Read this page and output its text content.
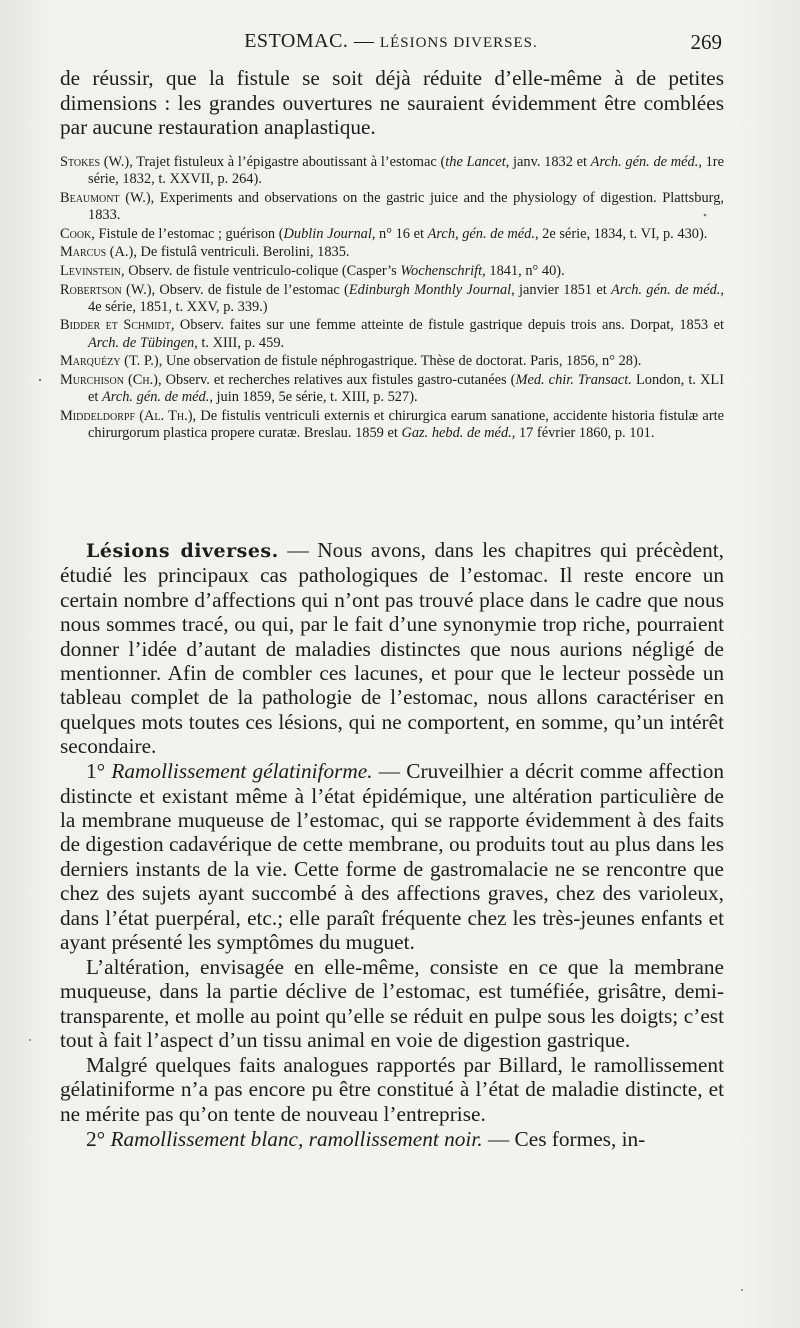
ESTOMAC. — LÉSIONS DIVERSES.	269

de réussir, que la fistule se soit déjà réduite d’elle-même à de petites dimensions : les grandes ouvertures ne sauraient évidemment être comblées par aucune restauration anaplastique.

Stokes (W.), Trajet fistuleux à l’épigastre aboutissant à l’estomac (the Lancet, janv. 1832 et Arch. gén. de méd., 1re série, 1832, t. XXVII, p. 264).

Beaumont (W.), Experiments and observations on the gastric juice and the physiology of digestion. Plattsburg, 1833.

Cook, Fistule de l’estomac ; guérison (Dublin Journal, n° 16 et Arch, gén. de méd., 2e série, 1834, t. VI, p. 430).

Marcus (A.), De fistulâ ventriculi. Berolini, 1835.

Levinstein, Observ. de fistule ventriculo-colique (Casper’s Wochenschrift, 1841, n° 40).

Robertson (W.), Observ. de fistule de l’estomac (Edinburgh Monthly Journal, janvier 1851 et Arch. gén. de méd., 4e série, 1851, t. XXV, p. 339.)

Bidder et Schmidt, Observ. faites sur une femme atteinte de fistule gastrique depuis trois ans. Dorpat, 1853 et Arch. de Tübingen, t. XIII, p. 459.

Marquézy (T. P.), Une observation de fistule néphrogastrique. Thèse de doctorat. Paris, 1856, n° 28).

Murchison (Ch.), Observ. et recherches relatives aux fistules gastro-cutanées (Med. chir. Transact. London, t. XLI et Arch. gén. de méd., juin 1859, 5e série, t. XIII, p. 527).

Middeldorpf (Al. Th.), De fistulis ventriculi externis et chirurgica earum sanatione, accidente historia fistulæ arte chirurgorum plastica propere curatæ. Breslau. 1859 et Gaz. hebd. de méd., 17 février 1860, p. 101.

Lésions diverses. — Nous avons, dans les chapitres qui précèdent, étudié les principaux cas pathologiques de l’estomac. Il reste encore un certain nombre d’affections qui n’ont pas trouvé place dans le cadre que nous nous sommes tracé, ou qui, par le fait d’une synonymie trop riche, pourraient donner l’idée d’autant de maladies distinctes que nous aurions négligé de mentionner. Afin de combler ces lacunes, et pour que le lecteur possède un tableau complet de la pathologie de l’estomac, nous allons caractériser en quelques mots toutes ces lésions, qui ne comportent, en somme, qu’un intérêt secondaire.

1° Ramollissement gélatiniforme. — Cruveilhier a décrit comme affection distincte et existant même à l’état épidémique, une altération particulière de la membrane muqueuse de l’estomac, qui se rapporte évidemment à des faits de digestion cadavérique de cette membrane, ou produits tout au plus dans les derniers instants de la vie. Cette forme de gastromalacie ne se rencontre que chez des sujets ayant succombé à des affections graves, chez des varioleux, dans l’état puerpéral, etc.; elle paraît fréquente chez les très-jeunes enfants et ayant présenté les symptômes du muguet.

L’altération, envisagée en elle-même, consiste en ce que la membrane muqueuse, dans la partie déclive de l’estomac, est tuméfiée, grisâtre, demi-transparente, et molle au point qu’elle se réduit en pulpe sous les doigts; c’est tout à fait l’aspect d’un tissu animal en voie de digestion gastrique.

Malgré quelques faits analogues rapportés par Billard, le ramollissement gélatiniforme n’a pas encore pu être constitué à l’état de maladie distincte, et ne mérite pas qu’on tente de nouveau l’entreprise.

2° Ramollissement blanc, ramollissement noir. — Ces formes, in-
